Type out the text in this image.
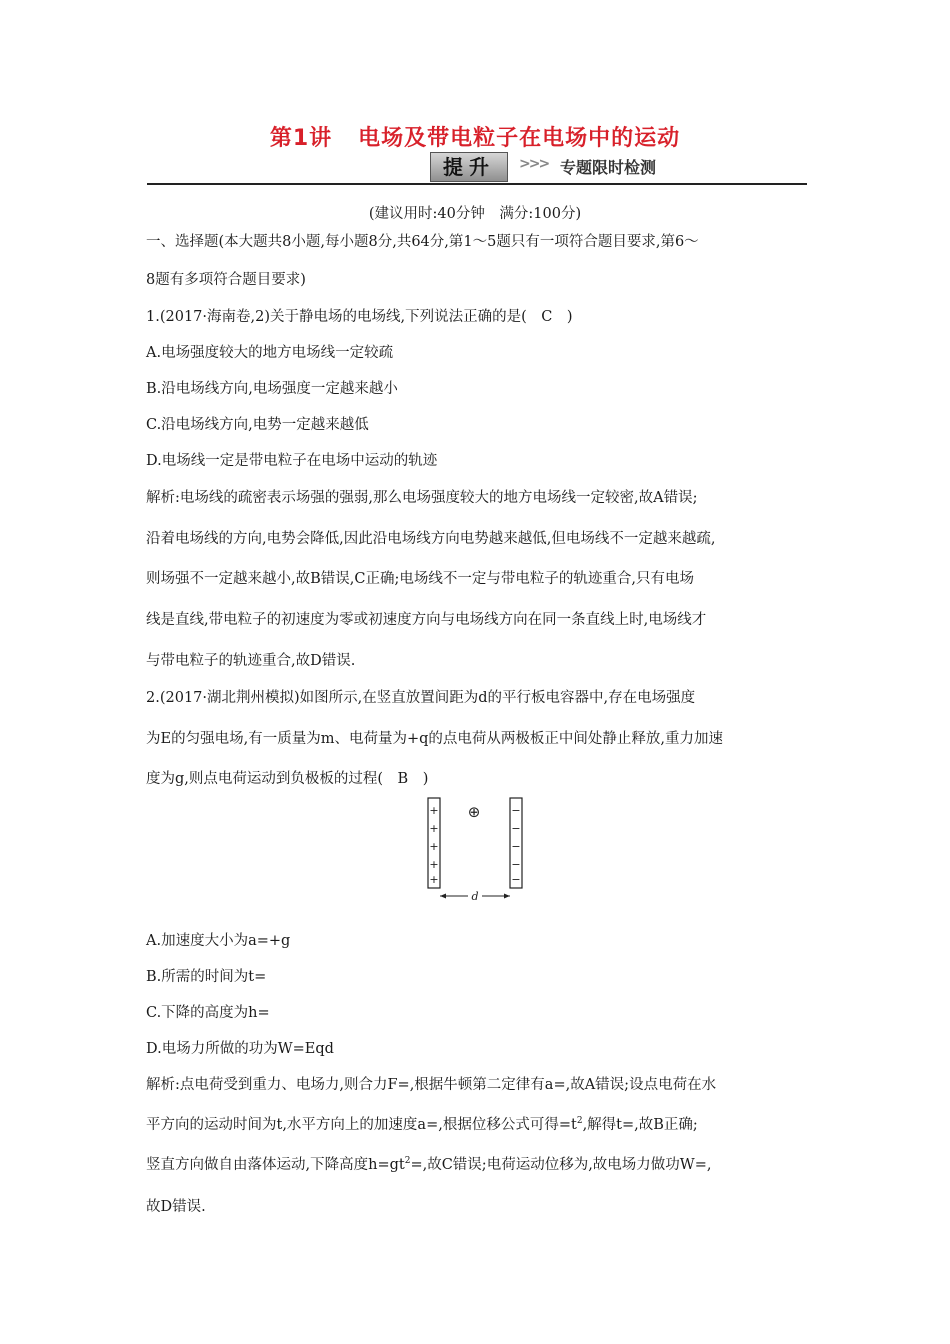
第1讲 电场及带电粒子在电场中的运动
提升	>>> 专题限时检测
(建议用时:40分钟　满分:100分)
一、选择题(本大题共8小题,每小题8分,共64分,第1～5题只有一项符合题目要求,第6～
8题有多项符合题目要求)
1.(2017·海南卷,2)关于静电场的电场线,下列说法正确的是(　C　)
A.电场强度较大的地方电场线一定较疏
B.沿电场线方向,电场强度一定越来越小
C.沿电场线方向,电势一定越来越低
D.电场线一定是带电粒子在电场中运动的轨迹
解析:电场线的疏密表示场强的强弱,那么电场强度较大的地方电场线一定较密,故A错误;
沿着电场线的方向,电势会降低,因此沿电场线方向电势越来越低,但电场线不一定越来越疏,
则场强不一定越来越小,故B错误,C正确;电场线不一定与带电粒子的轨迹重合,只有电场
线是直线,带电粒子的初速度为零或初速度方向与电场线方向在同一条直线上时,电场线才
与带电粒子的轨迹重合,故D错误.
2.(2017·湖北荆州模拟)如图所示,在竖直放置间距为d的平行板电容器中,存在电场强度
为E的匀强电场,有一质量为m、电荷量为+q的点电荷从两极板正中间处静止释放,重力加速
度为g,则点电荷运动到负极板的过程(　B　)
+
+
+
+
+
−
−
−
−
−
⊕
d
A.加速度大小为a=+g
B.所需的时间为t=
C.下降的高度为h=
D.电场力所做的功为W=Eqd
解析:点电荷受到重力、电场力,则合力F=,根据牛顿第二定律有a=,故A错误;设点电荷在水
平方向的运动时间为t,水平方向上的加速度a=,根据位移公式可得$=t^2$,解得t=,故B正确;
竖直方向做自由落体运动,下降高度$h=gt^2=$,故C错误;电荷运动位移为,故电场力做功W=,
故D错误.
